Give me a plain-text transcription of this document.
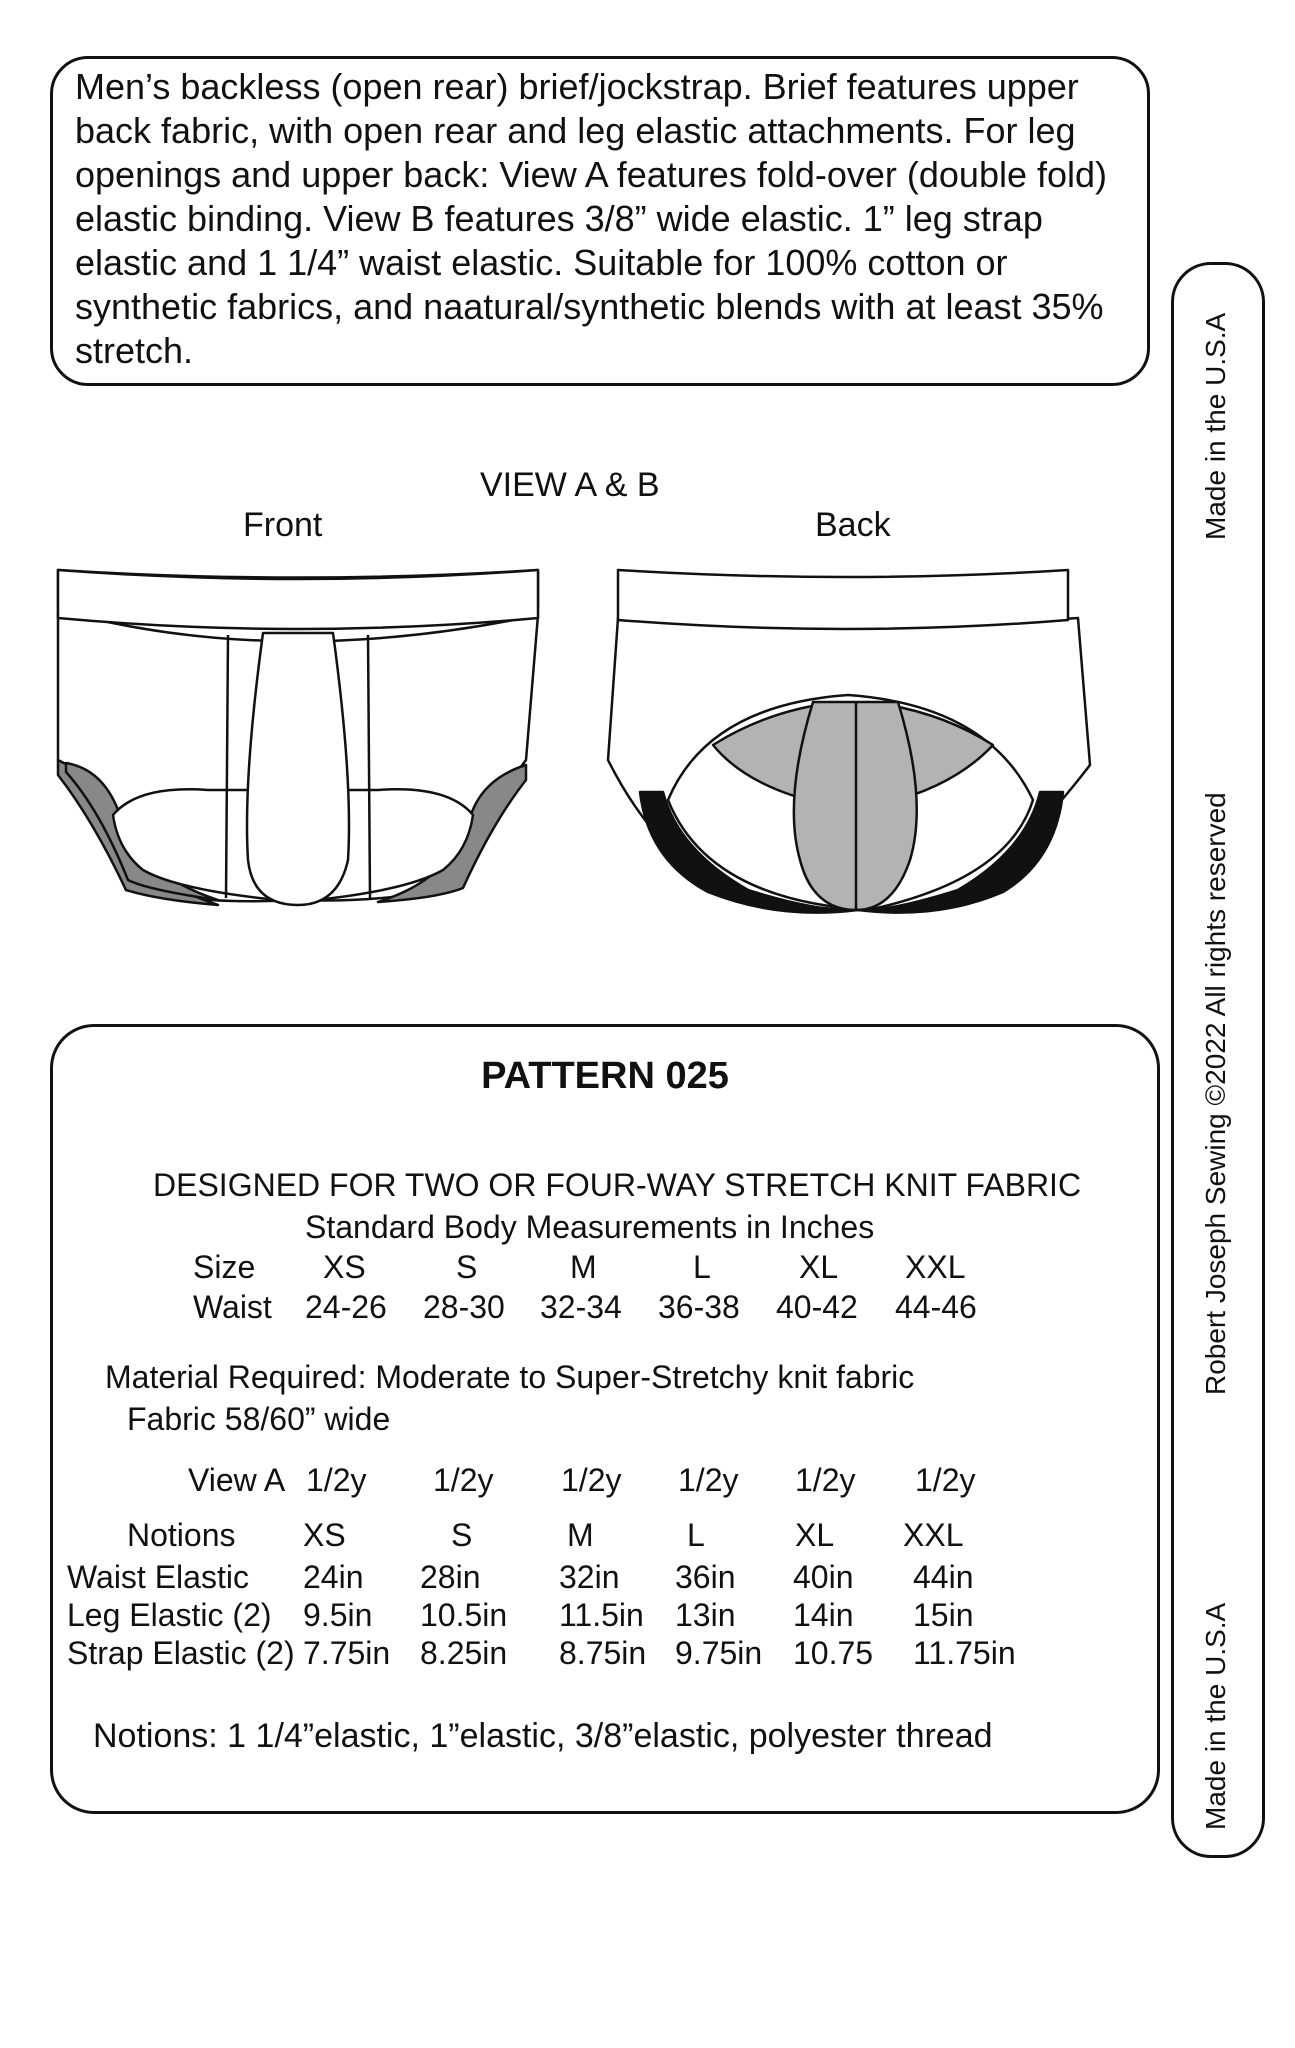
Men’s backless (open rear) brief/jockstrap. Brief features upper back fabric, with open rear and leg elastic attachments. For leg openings and upper back: View A features fold-over (double fold) elastic binding. View B features 3/8” wide elastic. 1” leg strap elastic and 1 1/4” waist elastic. Suitable for 100% cotton or synthetic fabrics, and naatural/synthetic blends with at least 35% stretch.

VIEW A & B
Front	Back
PATTERN 025
DESIGNED FOR TWO OR FOUR-WAY STRETCH KNIT FABRIC
Standard Body Measurements in Inches
Size XS	S	M	L	XL XXL
Waist 24-26 28-30 32-34 36-38 40-42 44-46
Material Required: Moderate to Super-Stretchy knit fabric
Fabric 58/60” wide
View A 1/2y 1/2y 1/2y 1/2y 1/2y 1/2y
Notions XS	S	M	L	XL XXL
Waist Elastic 24in 28in 32in 36in 40in 44in
Leg Elastic (2) 9.5in 10.5in 11.5in 13in 14in 15in
Strap Elastic (2) 7.75in 8.25in 8.75in 9.75in 10.75 11.75in
Notions: 1 1/4”elastic, 1”elastic, 3/8”elastic, polyester thread
Made in the U.S.A
Robert Joseph Sewing ©2022 All rights reserved
Made in the U.S.A
